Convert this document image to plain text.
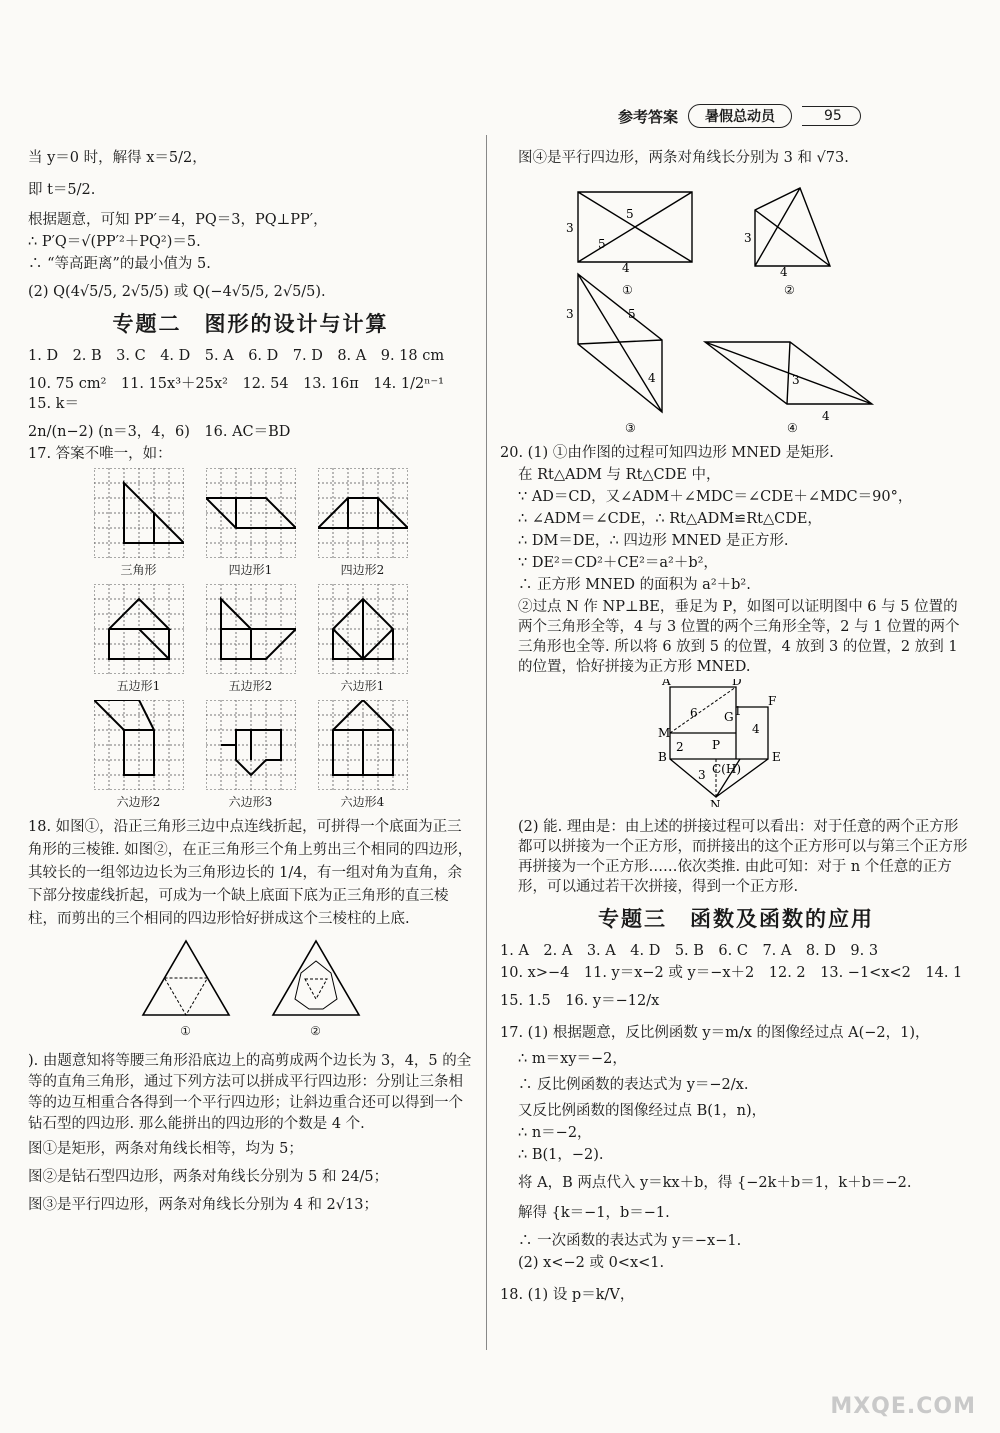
参考答案	暑假总动员	95

当 y＝0 时，解得 x＝5/2，

即 t＝5/2.

根据题意，可知 PP′＝4，PQ＝3，PQ⊥PP′，

∴ P′Q＝√(PP′²＋PQ²)＝5.

∴ “等高距离”的最小值为 5.

(2) Q(4√5/5, 2√5/5) 或 Q(−4√5/5, 2√5/5).

专题二　图形的设计与计算

1. D　2. B　3. C　4. D　5. A　6. D　7. D　8. A　9. 18 cm

10. 75 cm²　11. 15x³＋25x²　12. 54　13. 16π　14. 1/2ⁿ⁻¹　15. k＝

2n/(n−2) (n＝3，4，6)　16. AC＝BD

17. 答案不唯一，如：

三角形	四边形1	四边形2
五边形1	五边形2	六边形1
六边形2	六边形3	六边形4

18. 如图①，沿正三角形三边中点连线折起，可拼得一个底面为正三角形的三棱锥. 如图②，在正三角形三个角上剪出三个相同的四边形，其较长的一组邻边边长为三角形边长的 1/4，有一组对角为直角，余下部分按虚线折起，可成为一个缺上底面下底为正三角形的直三棱柱，而剪出的三个相同的四边形恰好拼成这个三棱柱的上底.

①	②

). 由题意知将等腰三角形沿底边上的高剪成两个边长为 3，4，5 的全等的直角三角形，通过下列方法可以拼成平行四边形：分别让三条相等的边互相重合各得到一个平行四边形；让斜边重合还可以得到一个钻石型的四边形. 那么能拼出的四边形的个数是 4 个.

图①是矩形，两条对角线长相等，均为 5；

图②是钻石型四边形，两条对角线长分别为 5 和 24/5；

图③是平行四边形，两条对角线长分别为 4 和 2√13；

图④是平行四边形，两条对角线长分别为 3 和 √73.

3
5
4
5
①
3
4
②
3	5
4
③
3
4
④

20. (1) ①由作图的过程可知四边形 MNED 是矩形.

在 Rt△ADM 与 Rt△CDE 中，

∵ AD＝CD，又∠ADM＋∠MDC＝∠CDE＋∠MDC＝90°，

∴ ∠ADM＝∠CDE，∴ Rt△ADM≌Rt△CDE，

∴ DM＝DE，∴ 四边形 MNED 是正方形.

∵ DE²＝CD²＋CE²＝a²＋b²，

∴ 正方形 MNED 的面积为 a²＋b².

②过点 N 作 NP⊥BE，垂足为 P，如图可以证明图中 6 与 5 位置的两个三角形全等，4 与 3 位置的两个三角形全等，2 与 1 位置的两个三角形也全等. 所以将 6 放到 5 的位置，4 放到 3 的位置，2 放到 1 的位置，恰好拼接为正方形 MNED.

A	D
F
M
B	E
P
C(H)
N
6 G
4
2
3
1

(2) 能. 理由是：由上述的拼接过程可以看出：对于任意的两个正方形都可以拼接为一个正方形，而拼接出的这个正方形可以与第三个正方形再拼接为一个正方形……依次类推. 由此可知：对于 n 个任意的正方形，可以通过若干次拼接，得到一个正方形.

专题三　函数及函数的应用

1. A　2. A　3. A　4. D　5. B　6. C　7. A　8. D　9. 3

10. x>−4　11. y＝x−2 或 y＝−x＋2　12. 2　13. −1<x<2　14. 1

15. 1.5　16. y＝−12/x

17. (1) 根据题意，反比例函数 y＝m/x 的图像经过点 A(−2，1)，

∴ m＝xy＝−2，

∴ 反比例函数的表达式为 y＝−2/x.

又反比例函数的图像经过点 B(1，n)，

∴ n＝−2，

∴ B(1，−2).

将 A，B 两点代入 y＝kx＋b，得 {−2k＋b＝1，k＋b＝−2.

解得 {k＝−1，b＝−1.

∴ 一次函数的表达式为 y＝−x−1.

(2) x<−2 或 0<x<1.

18. (1) 设 p＝k/V，

MXQE.COM
